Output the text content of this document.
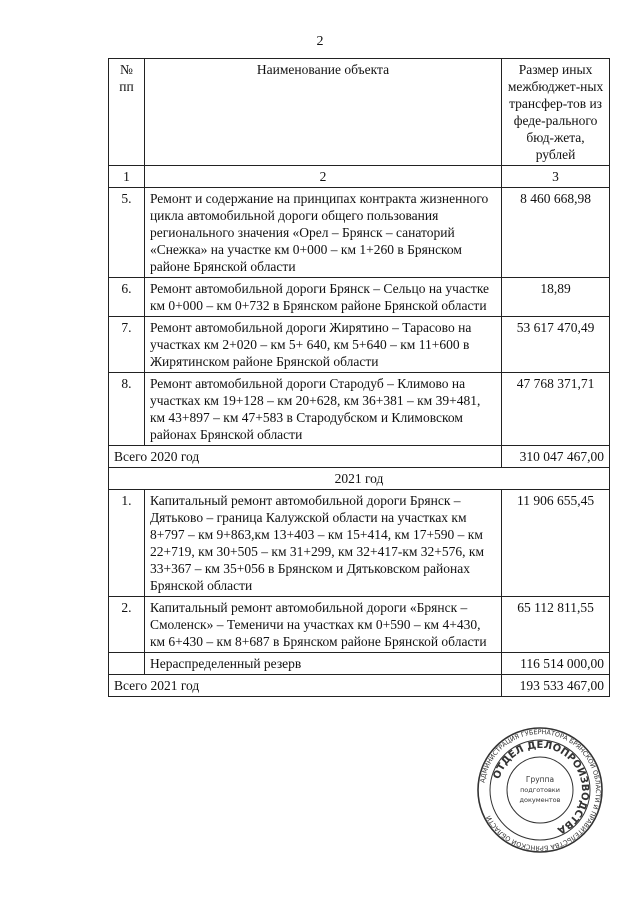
2
№ пп	Наименование объекта	Размер иных межбюджет-ных трансфер-тов из феде-рального бюд-жета, рублей
1	2	3
5.	Ремонт и содержание на принципах контракта жизненного цикла автомобильной дороги общего пользования регионального значения «Орел – Брянск – санаторий «Снежка» на участке км 0+000 – км 1+260 в Брянском районе Брянской области	8 460 668,98
6.	Ремонт автомобильной дороги Брянск – Сельцо на участке км 0+000 – км 0+732 в Брянском районе Брянской области	18,89
7.	Ремонт автомобильной дороги Жирятино – Тарасово на участках км 2+020 – км 5+ 640, км 5+640 – км 11+600 в Жирятинском районе Брянской области	53 617 470,49
8.	Ремонт автомобильной дороги Стародуб – Климово на участках км 19+128 – км 20+628, км 36+381 – км 39+481, км 43+897 – км 47+583 в Стародубском и Климовском районах Брянской области	47 768 371,71
Всего 2020 год		310 047 467,00
2021 год		
1.	Капитальный ремонт автомобильной дороги Брянск – Дятьково – граница Калужской области на участках км 8+797 – км 9+863,км 13+403 – км 15+414, км 17+590 – км 22+719, км 30+505 – км 31+299, км 32+417-км 32+576, км 33+367 – км 35+056 в Брянском и Дятьковском районах Брянской области	11 906 655,45
2.	Капитальный ремонт автомобильной дороги «Брянск – Смоленск» – Теменичи на участках км 0+590 – км 4+430, км 6+430 – км 8+687 в Брянском районе Брянской области	65 112 811,55
	Нераспределенный резерв	116 514 000,00
Всего 2021 год		193 533 467,00
АДМИНИСТРАЦИЯ ГУБЕРНАТОРА БРЯНСКОЙ ОБЛАСТИ И ПРАВИТЕЛЬСТВА БРЯНСКОЙ ОБЛАСТИ
ОТДЕЛ ДЕЛОПРОИЗВОДСТВА
Группа
подготовки
документов
